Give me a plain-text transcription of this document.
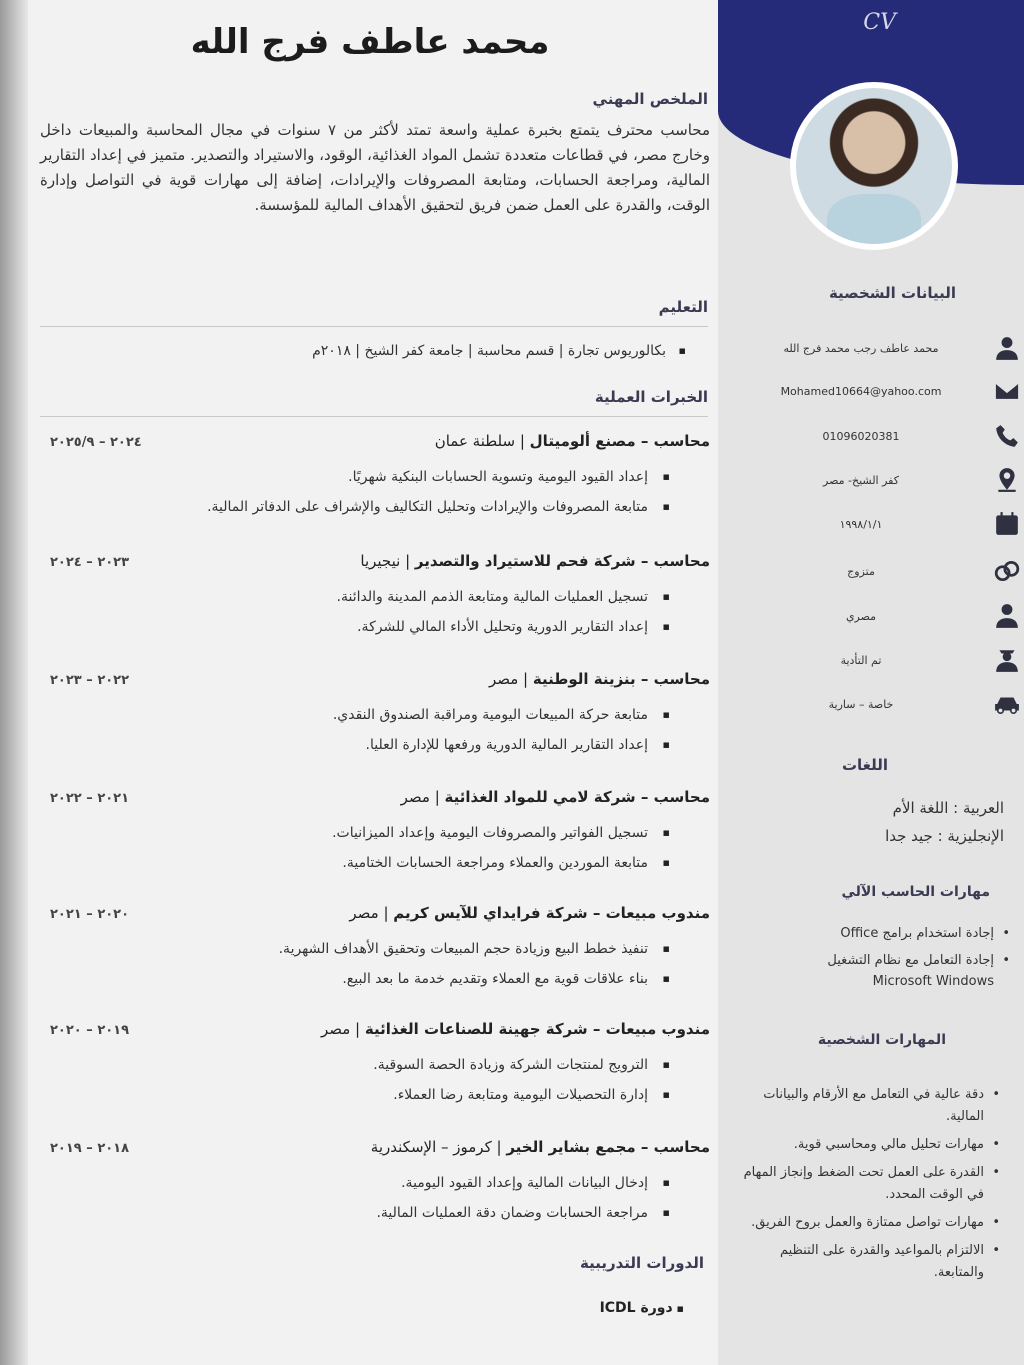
CV
البيانات الشخصية
محمد عاطف رجب محمد فرج الله
Mohamed10664@yahoo.com
01096020381
كفر الشيخ- مصر
١٩٩٨/١/١
متزوج
مصري
تم التأدية
خاصة – سارية
اللغات
العربية : اللغة الأم
الإنجليزية : جيد جدا
مهارات الحاسب الآلي
• إجادة استخدام برامج Office
• إجادة التعامل مع نظام التشغيل Microsoft Windows
المهارات الشخصية
• دقة عالية في التعامل مع الأرقام والبيانات المالية.
• مهارات تحليل مالي ومحاسبي قوية.
• القدرة على العمل تحت الضغط وإنجاز المهام في الوقت المحدد.
• مهارات تواصل ممتازة والعمل بروح الفريق.
• الالتزام بالمواعيد والقدرة على التنظيم والمتابعة.
محمد عاطف فرج الله
الملخص المهني
محاسب محترف يتمتع بخبرة عملية واسعة تمتد لأكثر من ٧ سنوات في مجال المحاسبة والمبيعات داخل وخارج مصر، في قطاعات متعددة تشمل المواد الغذائية، الوقود، والاستيراد والتصدير. متميز في إعداد التقارير المالية، ومراجعة الحسابات، ومتابعة المصروفات والإيرادات، إضافة إلى مهارات قوية في التواصل وإدارة الوقت، والقدرة على العمل ضمن فريق لتحقيق الأهداف المالية للمؤسسة.
التعليم
▪ بكالوريوس تجارة | قسم محاسبة | جامعة كفر الشيخ | ٢٠١٨م
الخبرات العملية
محاسب – مصنع ألوميتال | سلطنة عمان
٢٠٢٤ – ٢٠٢٥/٩
▪ إعداد القيود اليومية وتسوية الحسابات البنكية شهريًا.
▪ متابعة المصروفات والإيرادات وتحليل التكاليف والإشراف على الدفاتر المالية.
محاسب – شركة فحم للاستيراد والتصدير | نيجيريا
٢٠٢٣ – ٢٠٢٤
▪ تسجيل العمليات المالية ومتابعة الذمم المدينة والدائنة.
▪ إعداد التقارير الدورية وتحليل الأداء المالي للشركة.
محاسب – بنزينة الوطنية | مصر
٢٠٢٢ – ٢٠٢٣
▪ متابعة حركة المبيعات اليومية ومراقبة الصندوق النقدي.
▪ إعداد التقارير المالية الدورية ورفعها للإدارة العليا.
محاسب – شركة لامي للمواد الغذائية | مصر
٢٠٢١ – ٢٠٢٢
▪ تسجيل الفواتير والمصروفات اليومية وإعداد الميزانيات.
▪ متابعة الموردين والعملاء ومراجعة الحسابات الختامية.
مندوب مبيعات – شركة فرايداي للآيس كريم | مصر
٢٠٢٠ – ٢٠٢١
▪ تنفيذ خطط البيع وزيادة حجم المبيعات وتحقيق الأهداف الشهرية.
▪ بناء علاقات قوية مع العملاء وتقديم خدمة ما بعد البيع.
مندوب مبيعات – شركة جهينة للصناعات الغذائية | مصر
٢٠١٩ – ٢٠٢٠
▪ الترويج لمنتجات الشركة وزيادة الحصة السوقية.
▪ إدارة التحصيلات اليومية ومتابعة رضا العملاء.
محاسب – مجمع بشاير الخير | كرموز – الإسكندرية
٢٠١٨ – ٢٠١٩
▪ إدخال البيانات المالية وإعداد القيود اليومية.
▪ مراجعة الحسابات وضمان دقة العمليات المالية.
الدورات التدريبية
▪ دورة ICDL
